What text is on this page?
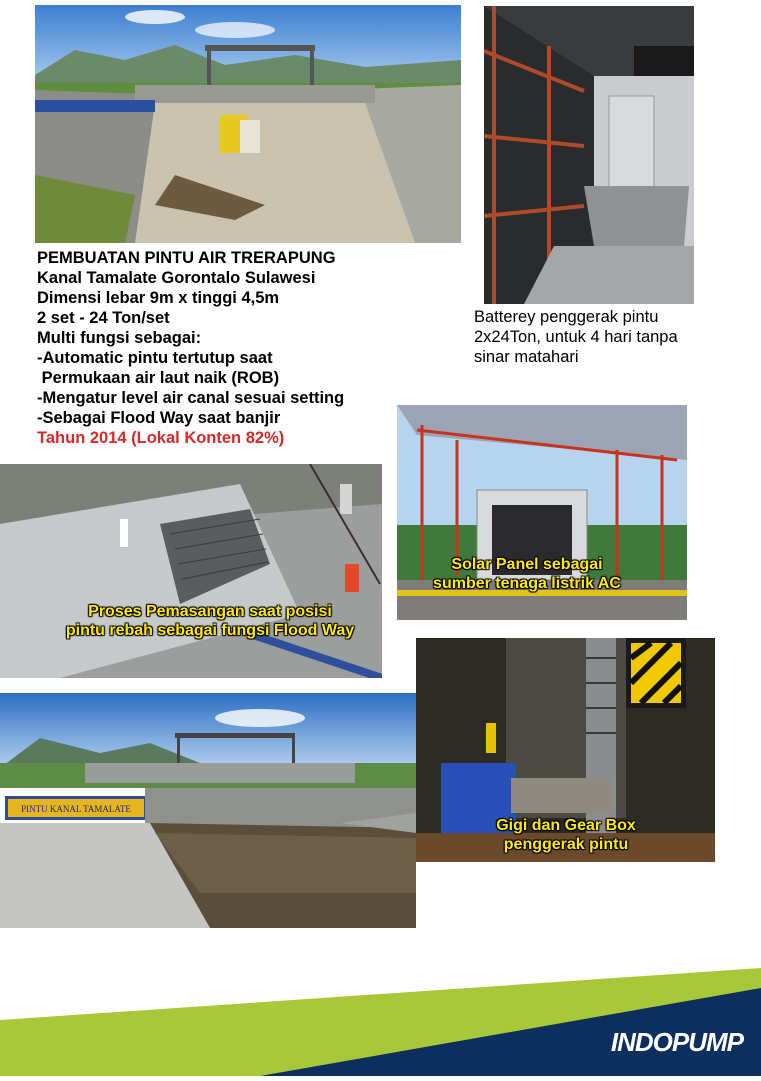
PEMBUATAN PINTU AIR TRERAPUNG
Kanal Tamalate Gorontalo Sulawesi
Dimensi lebar 9m x tinggi 4,5m
2 set - 24 Ton/set
Multi fungsi sebagai:
-Automatic pintu tertutup saat
Permukaan air laut naik (ROB)
-Mengatur level air canal sesuai setting
-Sebagai Flood Way saat banjir
Tahun 2014 (Lokal Konten 82%)
Batterey penggerak pintu
2x24Ton, untuk 4 hari tanpa
sinar matahari
Solar Panel sebagai
sumber tenaga listrik AC
Proses Pemasangan saat posisi
pintu rebah sebagai fungsi Flood Way
Gigi dan Gear Box
penggerak pintu
PINTU KANAL TAMALATE
INDOPUMP
